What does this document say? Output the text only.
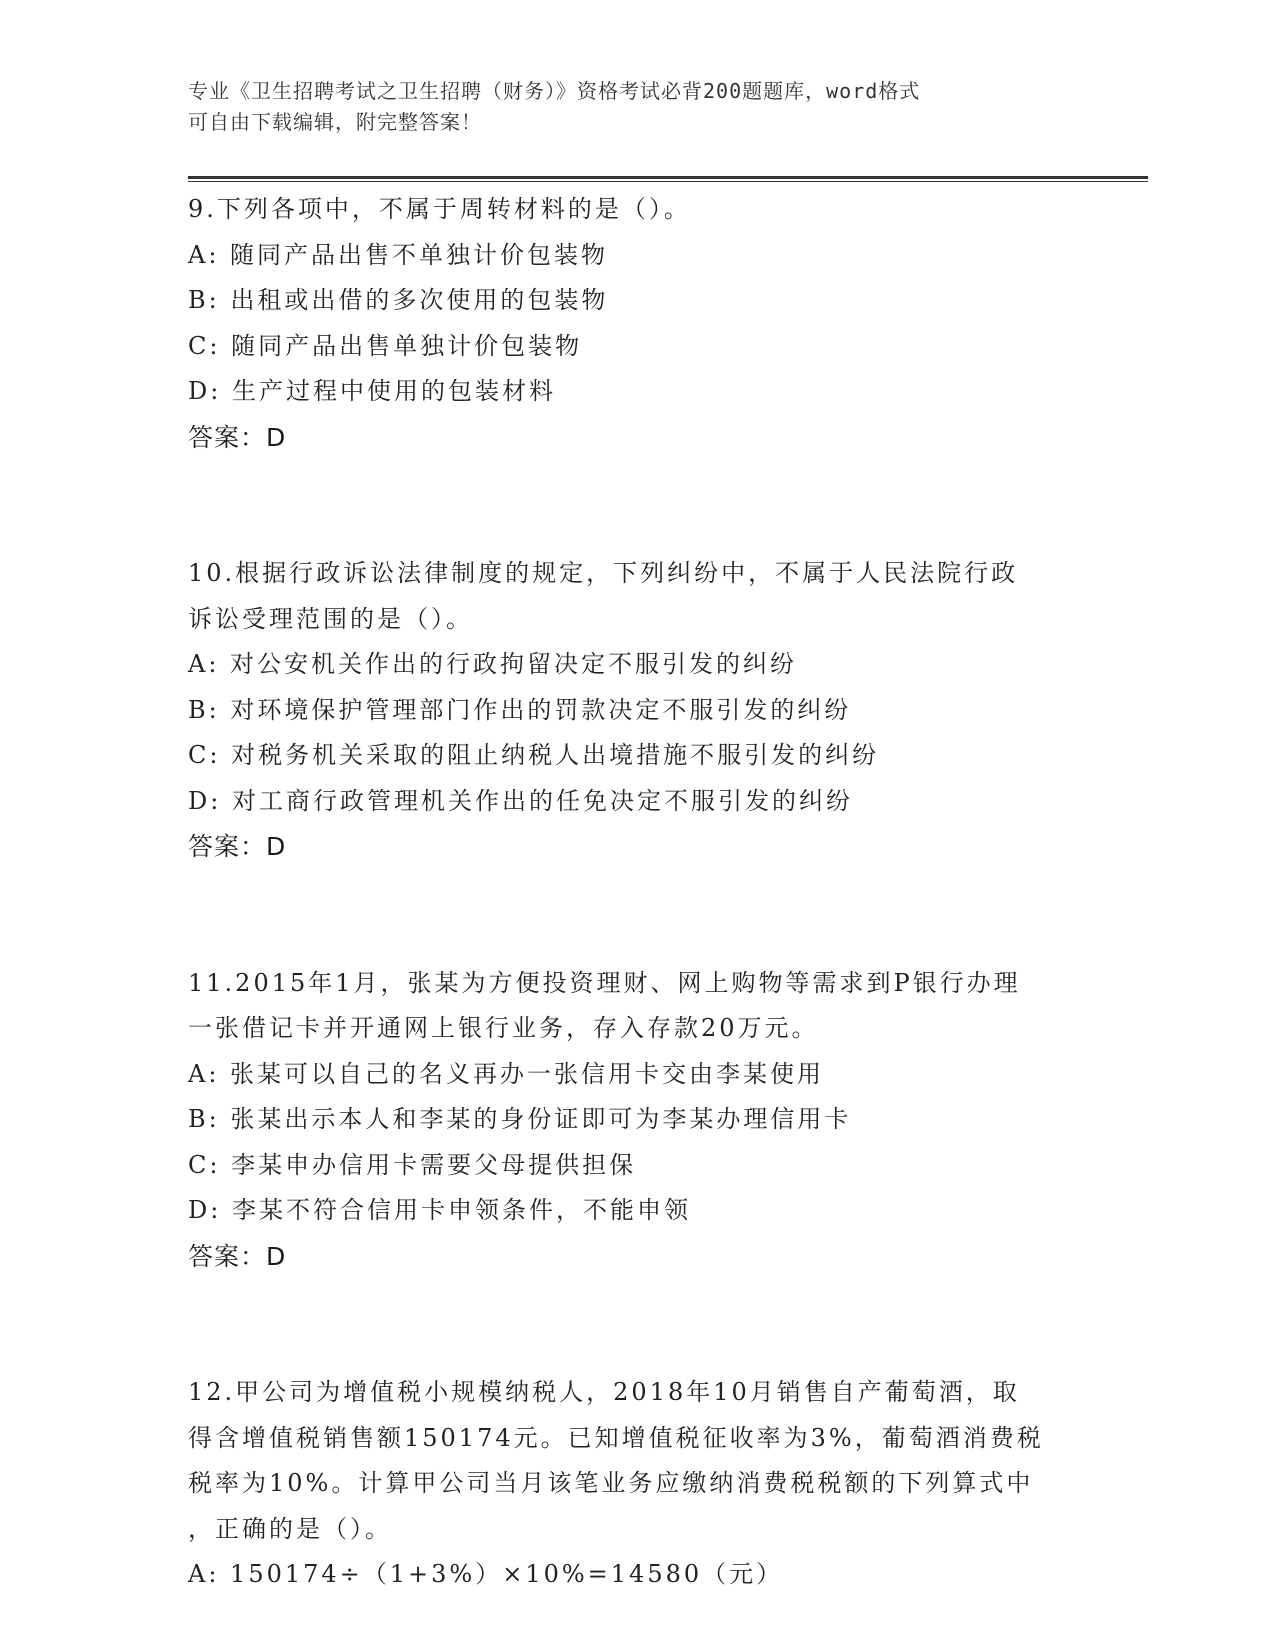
专业《卫生招聘考试之卫生招聘（财务）》资格考试必背200题题库，word格式
可自由下载编辑，附完整答案！
9.下列各项中，不属于周转材料的是（）。
A: 随同产品出售不单独计价包装物
B: 出租或出借的多次使用的包装物
C: 随同产品出售单独计价包装物
D: 生产过程中使用的包装材料
答案：D
10.根据行政诉讼法律制度的规定，下列纠纷中，不属于人民法院行政
诉讼受理范围的是（）。
A: 对公安机关作出的行政拘留决定不服引发的纠纷
B: 对环境保护管理部门作出的罚款决定不服引发的纠纷
C: 对税务机关采取的阻止纳税人出境措施不服引发的纠纷
D: 对工商行政管理机关作出的任免决定不服引发的纠纷
答案：D
11.2015年1月，张某为方便投资理财、网上购物等需求到P银行办理
一张借记卡并开通网上银行业务，存入存款20万元。
A: 张某可以自己的名义再办一张信用卡交由李某使用
B: 张某出示本人和李某的身份证即可为李某办理信用卡
C: 李某申办信用卡需要父母提供担保
D: 李某不符合信用卡申领条件，不能申领
答案：D
12.甲公司为增值税小规模纳税人，2018年10月销售自产葡萄酒，取
得含增值税销售额150174元。已知增值税征收率为3%，葡萄酒消费税
税率为10%。计算甲公司当月该笔业务应缴纳消费税税额的下列算式中
，正确的是（）。
A: 150174÷（1+3%）×10%=14580（元）
